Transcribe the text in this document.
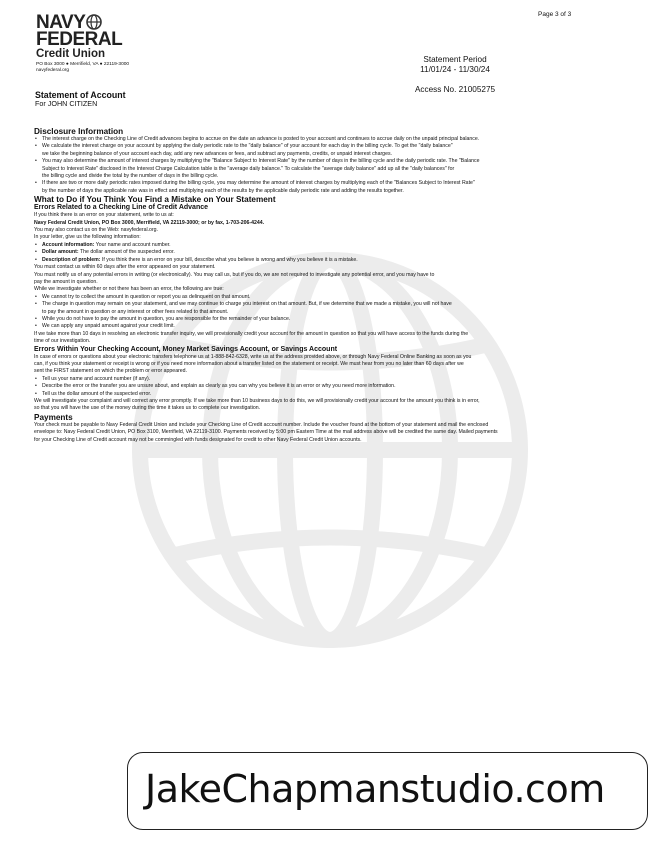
Page 3 of 3
NAVY
FEDERAL
Credit Union
PO Box 3000 ● Merrifield, VA ● 22119-3000
navyfederal.org
Statement Period
11/01/24 - 11/30/24
Access No. 21005275
Statement of Account
For JOHN CITIZEN
Disclosure Information
• The interest charge on the Checking Line of Credit advances begins to accrue on the date an advance is posted to your account and continues to accrue daily on the unpaid principal balance.
• We calculate the interest charge on your account by applying the daily periodic rate to the "daily balance" of your account for each day in the billing cycle. To get the "daily balance"
we take the beginning balance of your account each day, add any new advances or fees, and subtract any payments, credits, or unpaid interest charges.
• You may also determine the amount of interest charges by multiplying the "Balance Subject to Interest Rate" by the number of days in the billing cycle and the daily periodic rate. The "Balance
Subject to Interest Rate" disclosed in the Interest Charge Calculation table is the "average daily balance." To calculate the "average daily balance" add up all the "daily balances" for
the billing cycle and divide the total by the number of days in the billing cycle.
• If there are two or more daily periodic rates imposed during the billing cycle, you may determine the amount of interest charges by multiplying each of the "Balances Subject to Interest Rate"
by the number of days the applicable rate was in effect and multiplying each of the results by the applicable daily periodic rate and adding the results together.
What to Do if You Think You Find a Mistake on Your Statement
Errors Related to a Checking Line of Credit Advance
If you think there is an error on your statement, write to us at:
Navy Federal Credit Union, PO Box 3000, Merrifield, VA 22119-3000; or by fax, 1-703-206-4244.
You may also contact us on the Web: navyfederal.org.
In your letter, give us the following information:
• Account information: Your name and account number.
• Dollar amount: The dollar amount of the suspected error.
• Description of problem: If you think there is an error on your bill, describe what you believe is wrong and why you believe it is a mistake.
You must contact us within 60 days after the error appeared on your statement.
You must notify us of any potential errors in writing (or electronically). You may call us, but if you do, we are not required to investigate any potential error, and you may have to
pay the amount in question.
While we investigate whether or not there has been an error, the following are true:
• We cannot try to collect the amount in question or report you as delinquent on that amount.
• The charge in question may remain on your statement, and we may continue to charge you interest on that amount. But, if we determine that we made a mistake, you will not have
to pay the amount in question or any interest or other fees related to that amount.
• While you do not have to pay the amount in question, you are responsible for the remainder of your balance.
• We can apply any unpaid amount against your credit limit.
If we take more than 10 days in resolving an electronic transfer inquiry, we will provisionally credit your account for the amount in question so that you will have access to the funds during the
time of our investigation.
Errors Within Your Checking Account, Money Market Savings Account, or Savings Account
In case of errors or questions about your electronic transfers telephone us at 1-888-842-6328, write us at the address provided above, or through Navy Federal Online Banking as soon as you
can, if you think your statement or receipt is wrong or if you need more information about a transfer listed on the statement or receipt. We must hear from you no later than 60 days after we
sent the FIRST statement on which the problem or error appeared.
• Tell us your name and account number (if any).
• Describe the error or the transfer you are unsure about, and explain as clearly as you can why you believe it is an error or why you need more information.
• Tell us the dollar amount of the suspected error.
We will investigate your complaint and will correct any error promptly. If we take more than 10 business days to do this, we will provisionally credit your account for the amount you think is in error,
so that you will have the use of the money during the time it takes us to complete our investigation.
Payments
Your check must be payable to Navy Federal Credit Union and include your Checking Line of Credit account number. Include the voucher found at the bottom of your statement and mail the enclosed
envelope to: Navy Federal Credit Union, PO Box 3100, Merrifield, VA 22119-3100. Payments received by 5:00 pm Eastern Time at the mail address above will be credited the same day. Mailed payments
for your Checking Line of Credit account may not be commingled with funds designated for credit to other Navy Federal Credit Union accounts.
JakeChapmanstudio.com
